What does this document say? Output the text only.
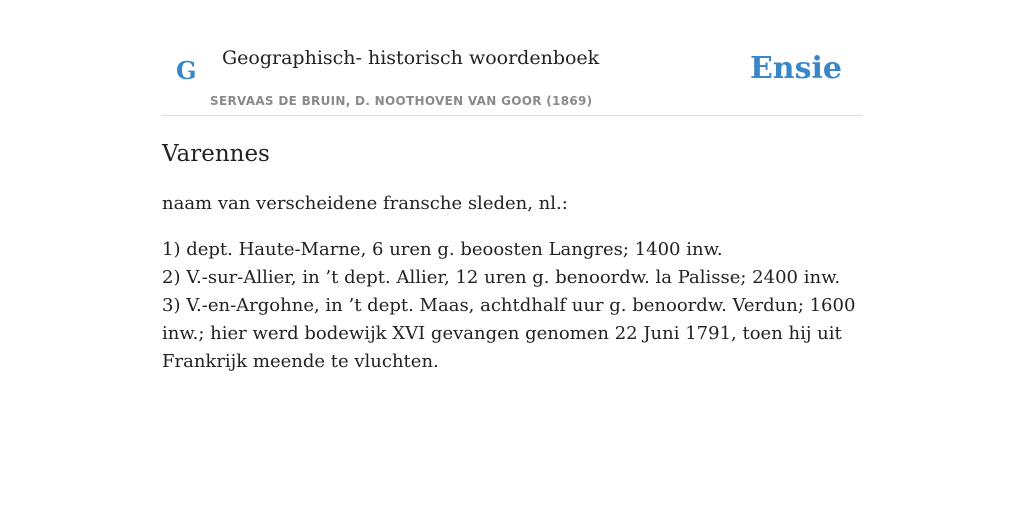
G Geographisch- historisch woordenboek
SERVAAS DE BRUIN, D. NOOTHOVEN VAN GOOR (1869)
Ensie
Varennes

naam van verscheidene fransche sleden, nl.:

1) dept. Haute-Marne, 6 uren g. beoosten Langres; 1400 inw.
2) V.-sur-Allier, in ’t dept. Allier, 12 uren g. benoordw. la Palisse; 2400 inw.
3) V.-en-Argohne, in ’t dept. Maas, achtdhalf uur g. benoordw. Verdun; 1600 inw.; hier werd bodewijk XVI gevangen genomen 22 Juni 1791, toen hij uit Frankrijk meende te vluchten.
